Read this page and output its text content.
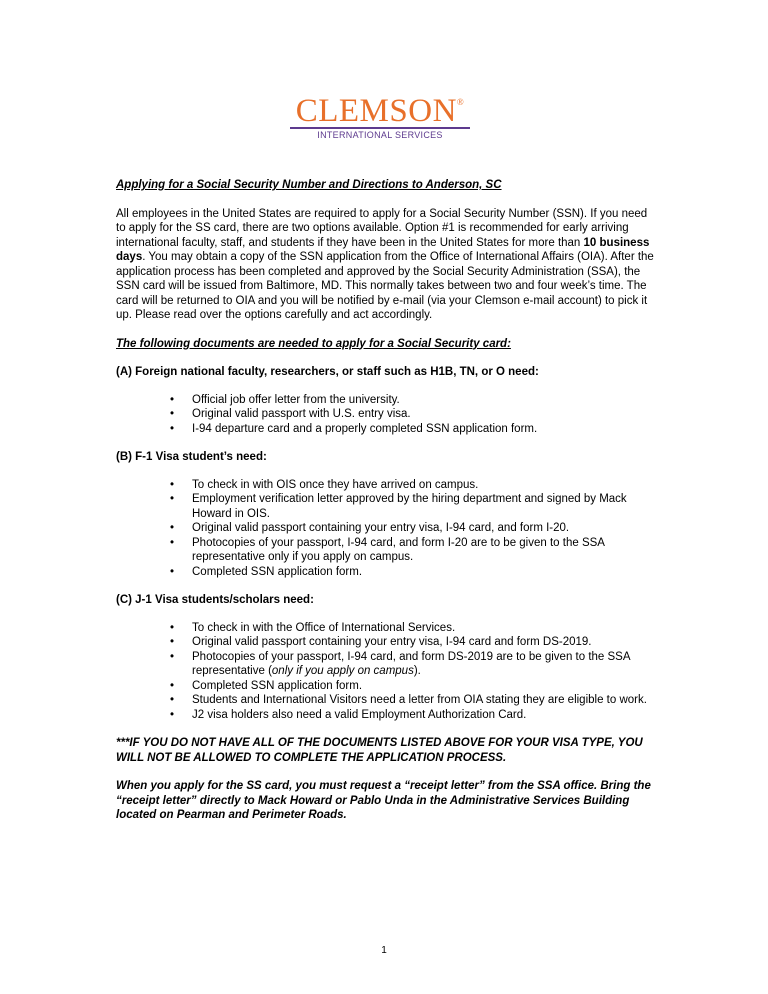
CLEMSON®
INTERNATIONAL SERVICES

Applying for a Social Security Number and Directions to Anderson, SC

All employees in the United States are required to apply for a Social Security Number (SSN). If you need to apply for the SS card, there are two options available. Option #1 is recommended for early arriving international faculty, staff, and students if they have been in the United States for more than 10 business days. You may obtain a copy of the SSN application from the Office of International Affairs (OIA). After the application process has been completed and approved by the Social Security Administration (SSA), the SSN card will be issued from Baltimore, MD. This normally takes between two and four week’s time. The card will be returned to OIA and you will be notified by e-mail (via your Clemson e-mail account) to pick it up. Please read over the options carefully and act accordingly.

The following documents are needed to apply for a Social Security card:

(A) Foreign national faculty, researchers, or staff such as H1B, TN, or O need:

• Official job offer letter from the university.
• Original valid passport with U.S. entry visa.
• I-94 departure card and a properly completed SSN application form.

(B) F-1 Visa student’s need:

• To check in with OIS once they have arrived on campus.
• Employment verification letter approved by the hiring department and signed by Mack Howard in OIS.
• Original valid passport containing your entry visa, I-94 card, and form I-20.
• Photocopies of your passport, I-94 card, and form I-20 are to be given to the SSA representative only if you apply on campus.
• Completed SSN application form.

(C) J-1 Visa students/scholars need:

• To check in with the Office of International Services.
• Original valid passport containing your entry visa, I-94 card and form DS-2019.
• Photocopies of your passport, I-94 card, and form DS-2019 are to be given to the SSA representative (only if you apply on campus).
• Completed SSN application form.
• Students and International Visitors need a letter from OIA stating they are eligible to work.
• J2 visa holders also need a valid Employment Authorization Card.

***IF YOU DO NOT HAVE ALL OF THE DOCUMENTS LISTED ABOVE FOR YOUR VISA TYPE, YOU WILL NOT BE ALLOWED TO COMPLETE THE APPLICATION PROCESS.

When you apply for the SS card, you must request a “receipt letter” from the SSA office. Bring the “receipt letter” directly to Mack Howard or Pablo Unda in the Administrative Services Building located on Pearman and Perimeter Roads.

1
